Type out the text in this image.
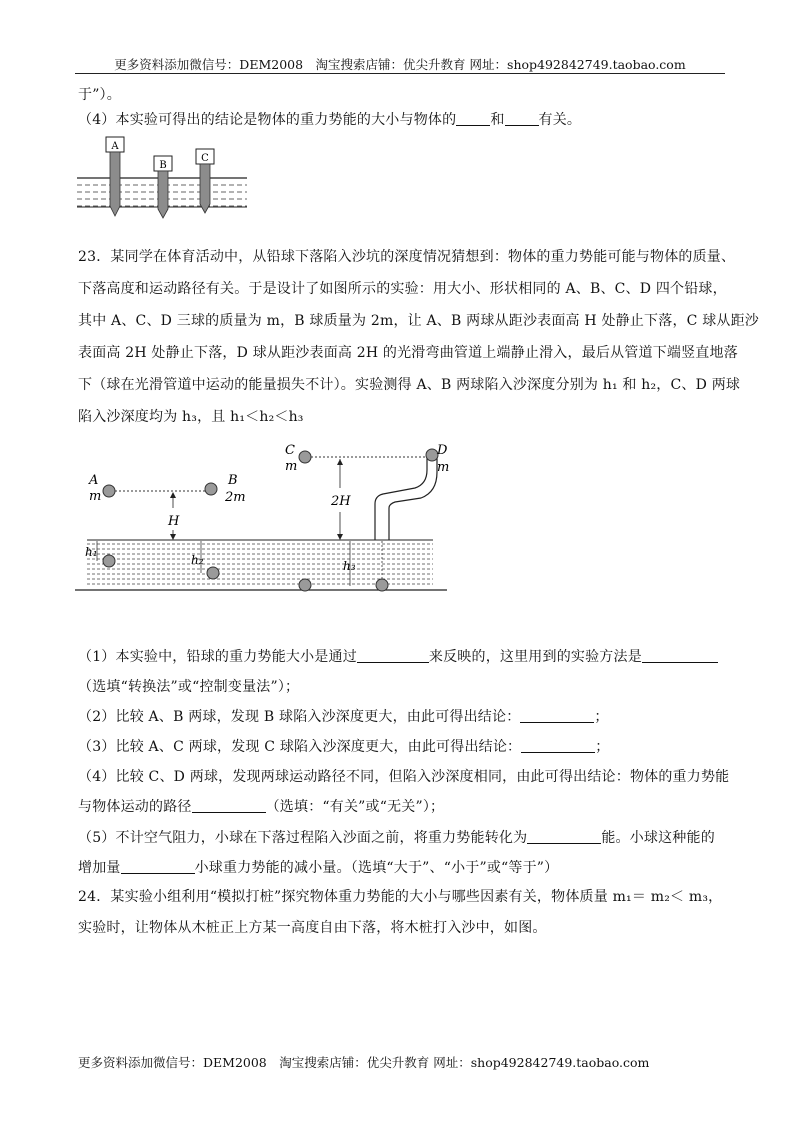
更多资料添加微信号：DEM2008　淘宝搜索店铺：优尖升教育 网址：shop492842749.taobao.com
于”）。
（4）本实验可得出的结论是物体的重力势能的大小与物体的 和 有关。
A
B
C
23．某同学在体育活动中，从铅球下落陷入沙坑的深度情况猜想到：物体的重力势能可能与物体的质量、
下落高度和运动路径有关。于是设计了如图所示的实验：用大小、形状相同的 A、B、C、D 四个铅球，
其中 A、C、D 三球的质量为 m，B 球质量为 2m，让 A、B 两球从距沙表面高 H 处静止下落，C 球从距沙
表面高 2H 处静止下落，D 球从距沙表面高 2H 的光滑弯曲管道上端静止滑入，最后从管道下端竖直地落
下（球在光滑管道中运动的能量损失不计）。实验测得 A、B 两球陷入沙深度分别为 h₁ 和 h₂，C、D 两球
陷入沙深度均为 h₃，且 h₁＜h₂＜h₃
A
m
B
2m
H
h₁
h₂
C
m
2H
h₃
D
m
（1）本实验中，铅球的重力势能大小是通过	来反映的，这里用到的实验方法是
（选填“转换法”或“控制变量法”）；
（2）比较 A、B 两球，发现 B 球陷入沙深度更大，由此可得出结论：	；
（3）比较 A、C 两球，发现 C 球陷入沙深度更大，由此可得出结论：	；
（4）比较 C、D 两球，发现两球运动路径不同，但陷入沙深度相同，由此可得出结论：物体的重力势能
与物体运动的路径	（选填：“有关”或“无关”）；
（5）不计空气阻力，小球在下落过程陷入沙面之前，将重力势能转化为	能。小球这种能的
增加量	小球重力势能的减小量。（选填“大于”、“小于”或“等于”）
24．某实验小组利用“模拟打桩”探究物体重力势能的大小与哪些因素有关，物体质量 m₁＝ m₂＜ m₃，
实验时，让物体从木桩正上方某一高度自由下落，将木桩打入沙中，如图。
更多资料添加微信号：DEM2008　淘宝搜索店铺：优尖升教育 网址：shop492842749.taobao.com
